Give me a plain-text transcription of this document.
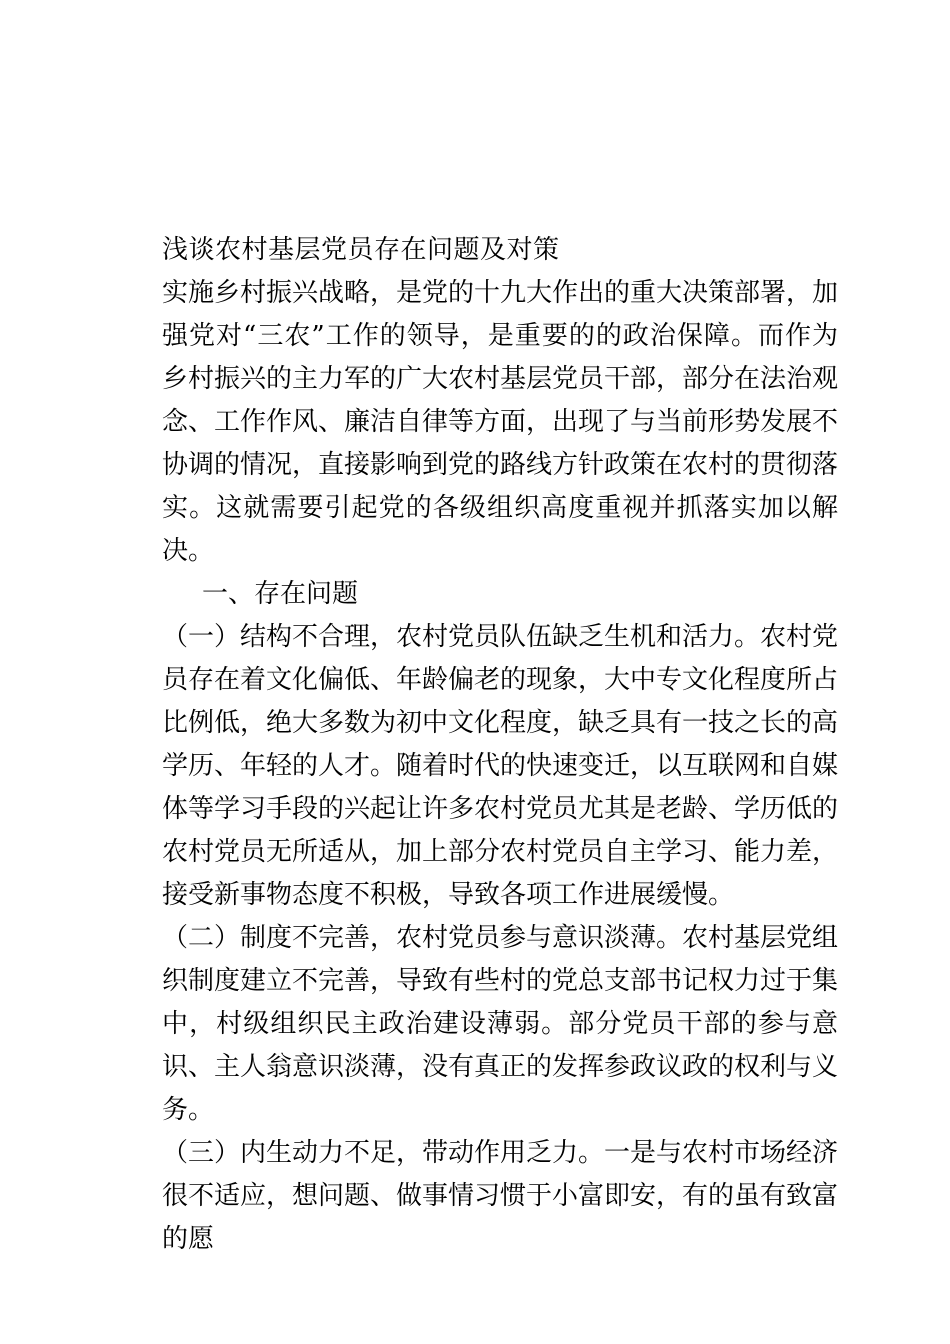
浅谈农村基层党员存在问题及对策

实施乡村振兴战略，是党的十九大作出的重大决策部署，加强党对“三农”工作的领导，是重要的的政治保障。而作为乡村振兴的主力军的广大农村基层党员干部，部分在法治观念、工作作风、廉洁自律等方面，出现了与当前形势发展不协调的情况，直接影响到党的路线方针政策在农村的贯彻落实。这就需要引起党的各级组织高度重视并抓落实加以解决。

一、存在问题

（一）结构不合理，农村党员队伍缺乏生机和活力。农村党员存在着文化偏低、年龄偏老的现象，大中专文化程度所占比例低，绝大多数为初中文化程度，缺乏具有一技之长的高学历、年轻的人才。随着时代的快速变迁，以互联网和自媒体等学习手段的兴起让许多农村党员尤其是老龄、学历低的农村党员无所适从，加上部分农村党员自主学习、能力差，接受新事物态度不积极，导致各项工作进展缓慢。

（二）制度不完善，农村党员参与意识淡薄。农村基层党组织制度建立不完善，导致有些村的党总支部书记权力过于集中，村级组织民主政治建设薄弱。部分党员干部的参与意识、主人翁意识淡薄，没有真正的发挥参政议政的权利与义务。

（三）内生动力不足，带动作用乏力。一是与农村市场经济很不适应，想问题、做事情习惯于小富即安，有的虽有致富的愿
